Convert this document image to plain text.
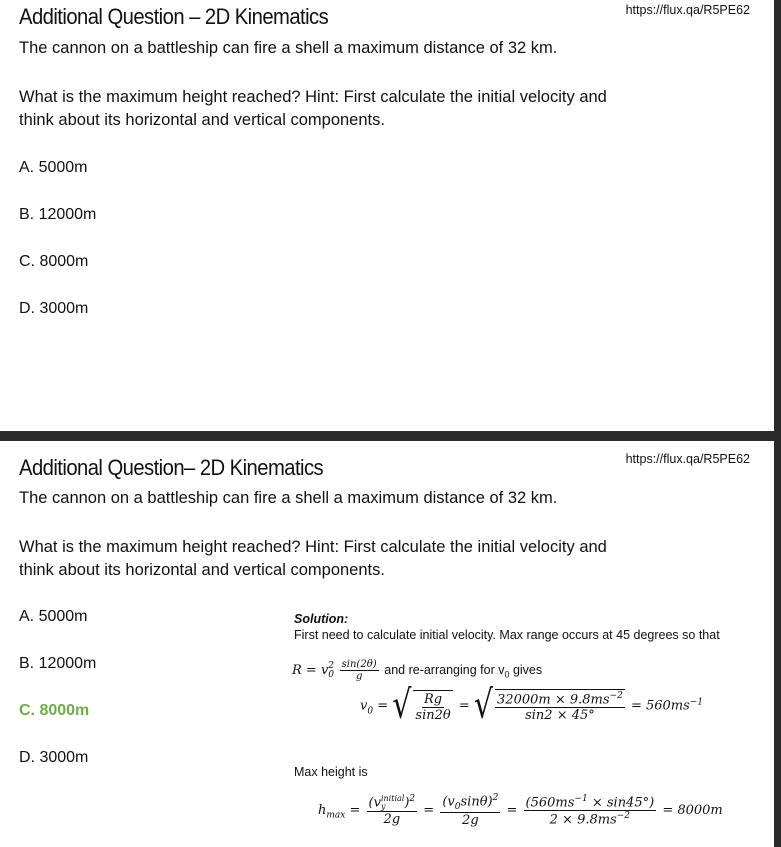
Additional Question – 2D Kinematics	https://flux.qa/R5PE62
The cannon on a battleship can fire a shell a maximum distance of 32 km.
What is the maximum height reached? Hint: First calculate the initial velocity and
think about its horizontal and vertical components.
A. 5000m
B. 12000m
C. 8000m
D. 3000m
Additional Question– 2D Kinematics	https://flux.qa/R5PE62
The cannon on a battleship can fire a shell a maximum distance of 32 km.
What is the maximum height reached? Hint: First calculate the initial velocity and
think about its horizontal and vertical components.
A. 5000m
B. 12000m
C. 8000m
D. 3000m
Solution:
First need to calculate initial velocity. Max range occurs at 45 degrees so that
R = v 2
0
$\frac{\sin(2\theta)}{g}$ and re-arranging for $v_0$ gives
$v_0$ = √ $\frac{Rg}{\sin 2\theta}$ = √ $\frac{32000m \times 9.8ms^{-2}}{\sin 2 \times 45^\circ} = 560ms^{-1}$
Max height is
$h_{max} = (v$ initial
y	)$^2$
$2g = \frac{(v_0\sin\theta)^2}{2g} = \frac{(560ms^{-1} \times \sin 45^\circ)}{2 \times 9.8ms^{-2}} = 8000m$
